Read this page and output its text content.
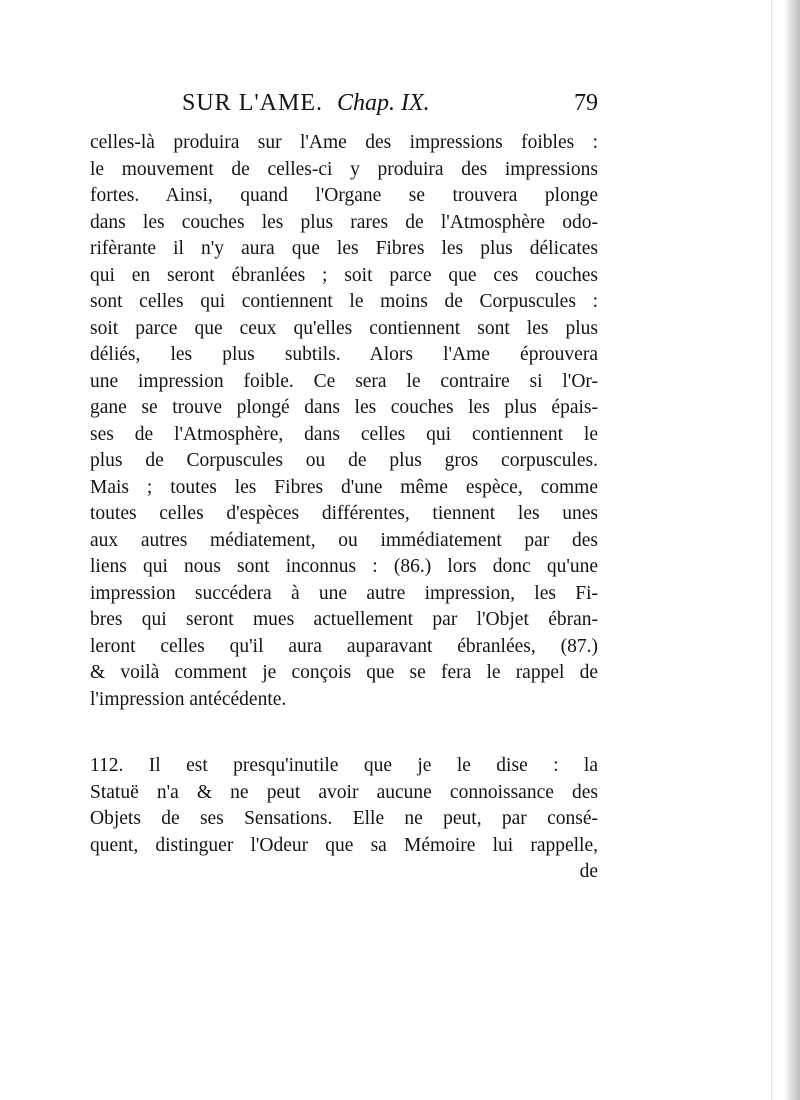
SUR L'AME. Chap. IX.	79
celles-là produira sur l'Ame des impressions foibles :
le mouvement de celles-ci y produira des impressions
fortes. Ainsi, quand l'Organe se trouvera plonge
dans les couches les plus rares de l'Atmosphère odo-
rifèrante il n'y aura que les Fibres les plus délicates
qui en seront ébranlées ; soit parce que ces couches
sont celles qui contiennent le moins de Corpuscules :
soit parce que ceux qu'elles contiennent sont les plus
déliés, les plus subtils. Alors l'Ame éprouvera
une impression foible. Ce sera le contraire si l'Or-
gane se trouve plongé dans les couches les plus épais-
ses de l'Atmosphère, dans celles qui contiennent le
plus de Corpuscules ou de plus gros corpuscules.
Mais ; toutes les Fibres d'une même espèce, comme
toutes celles d'espèces différentes, tiennent les unes
aux autres médiatement, ou immédiatement par des
liens qui nous sont inconnus : (86.) lors donc qu'une
impression succédera à une autre impression, les Fi-
bres qui seront mues actuellement par l'Objet ébran-
leront celles qu'il aura auparavant ébranlées, (87.)
& voilà comment je conçois que se fera le rappel de
l'impression antécédente.
112. Il est presqu'inutile que je le dise : la
Statuë n'a & ne peut avoir aucune connoissance des
Objets de ses Sensations. Elle ne peut, par consé-
quent, distinguer l'Odeur que sa Mémoire lui rappelle,
de
